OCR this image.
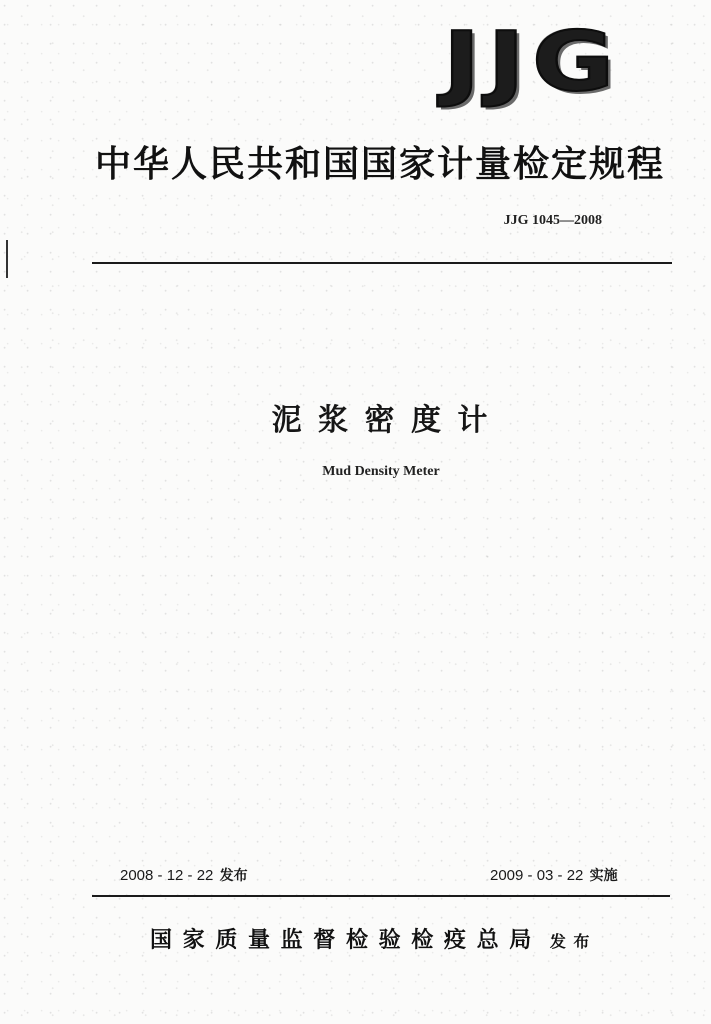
JJG
中华人民共和国国家计量检定规程
JJG 1045—2008
泥 浆 密 度 计
Mud Density Meter
2008 - 12 - 22 发布	2009 - 03 - 22 实施
国 家 质 量 监 督 检 验 检 疫 总 局 发 布
